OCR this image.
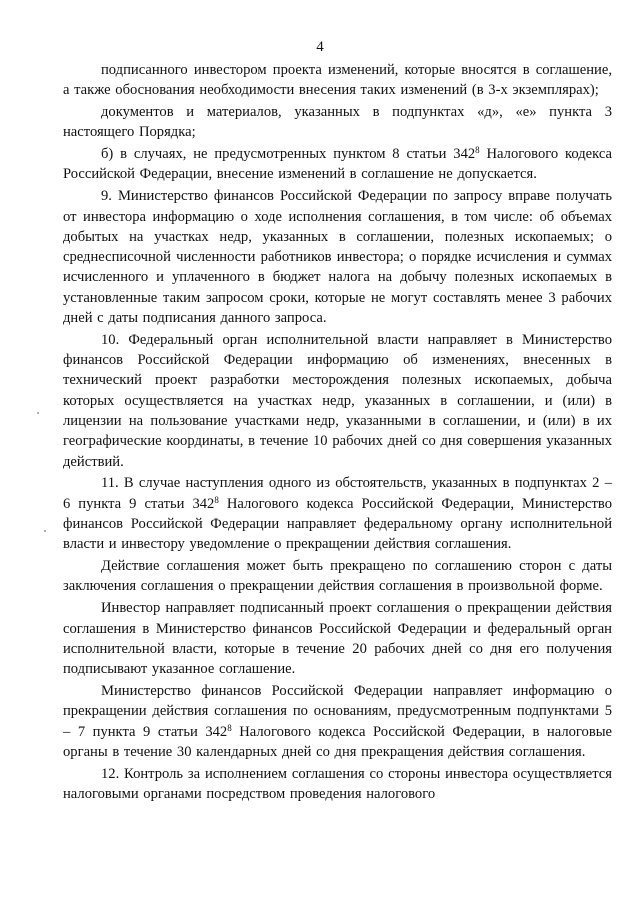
4

подписанного инвестором проекта изменений, которые вносятся в соглашение, а также обоснования необходимости внесения таких изменений (в 3-х экземплярах);

документов и материалов, указанных в подпунктах «д», «е» пункта 3 настоящего Порядка;

б) в случаях, не предусмотренных пунктом 8 статьи $342^8$ Налогового кодекса Российской Федерации, внесение изменений в соглашение не допускается.

9. Министерство финансов Российской Федерации по запросу вправе получать от инвестора информацию о ходе исполнения соглашения, в том числе: об объемах добытых на участках недр, указанных в соглашении, полезных ископаемых; о среднесписочной численности работников инвестора; о порядке исчисления и суммах исчисленного и уплаченного в бюджет налога на добычу полезных ископаемых в установленные таким запросом сроки, которые не могут составлять менее 3 рабочих дней с даты подписания данного запроса.

10. Федеральный орган исполнительной власти направляет в Министерство финансов Российской Федерации информацию об изменениях, внесенных в технический проект разработки месторождения полезных ископаемых, добыча которых осуществляется на участках недр, указанных в соглашении, и (или) в лицензии на пользование участками недр, указанными в соглашении, и (или) в их географические координаты, в течение 10 рабочих дней со дня совершения указанных действий.

11. В случае наступления одного из обстоятельств, указанных в подпунктах 2 – 6 пункта 9 статьи $342^8$ Налогового кодекса Российской Федерации, Министерство финансов Российской Федерации направляет федеральному органу исполнительной власти и инвестору уведомление о прекращении действия соглашения.

Действие соглашения может быть прекращено по соглашению сторон с даты заключения соглашения о прекращении действия соглашения в произвольной форме.

Инвестор направляет подписанный проект соглашения о прекращении действия соглашения в Министерство финансов Российской Федерации и федеральный орган исполнительной власти, которые в течение 20 рабочих дней со дня его получения подписывают указанное соглашение.

Министерство финансов Российской Федерации направляет информацию о прекращении действия соглашения по основаниям, предусмотренным подпунктами 5 – 7 пункта 9 статьи $342^8$ Налогового кодекса Российской Федерации, в налоговые органы в течение 30 календарных дней со дня прекращения действия соглашения.

12. Контроль за исполнением соглашения со стороны инвестора осуществляется налоговыми органами посредством проведения налогового
